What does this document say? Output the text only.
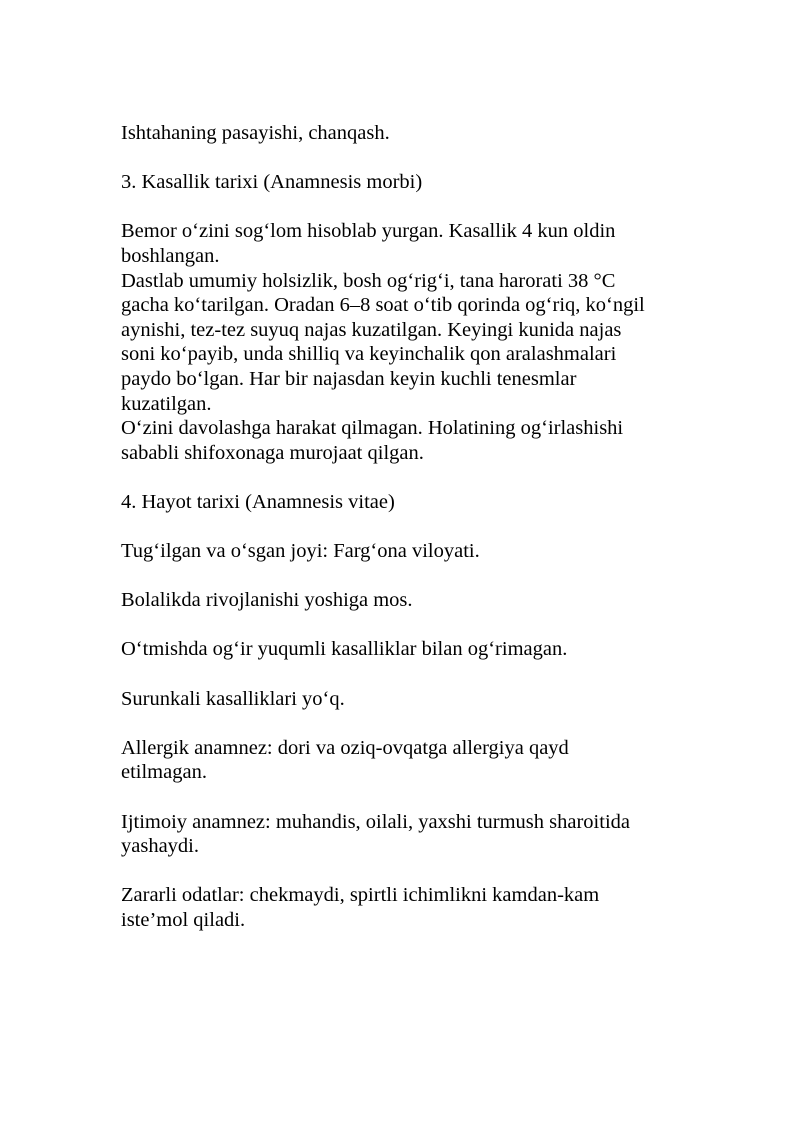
Ishtahaning pasayishi, chanqash.

3. Kasallik tarixi (Anamnesis morbi)

Bemor o‘zini sog‘lom hisoblab yurgan. Kasallik 4 kun oldin

boshlangan.

Dastlab umumiy holsizlik, bosh og‘rig‘i, tana harorati 38 °C

gacha ko‘tarilgan. Oradan 6–8 soat o‘tib qorinda og‘riq, ko‘ngil

aynishi, tez-tez suyuq najas kuzatilgan. Keyingi kunida najas

soni ko‘payib, unda shilliq va keyinchalik qon aralashmalari

paydo bo‘lgan. Har bir najasdan keyin kuchli tenesmlar

kuzatilgan.

O‘zini davolashga harakat qilmagan. Holatining og‘irlashishi

sababli shifoxonaga murojaat qilgan.

4. Hayot tarixi (Anamnesis vitae)

Tug‘ilgan va o‘sgan joyi: Farg‘ona viloyati.

Bolalikda rivojlanishi yoshiga mos.

O‘tmishda og‘ir yuqumli kasalliklar bilan og‘rimagan.

Surunkali kasalliklari yo‘q.

Allergik anamnez: dori va oziq-ovqatga allergiya qayd

etilmagan.

Ijtimoiy anamnez: muhandis, oilali, yaxshi turmush sharoitida

yashaydi.

Zararli odatlar: chekmaydi, spirtli ichimlikni kamdan-kam

iste’mol qiladi.
